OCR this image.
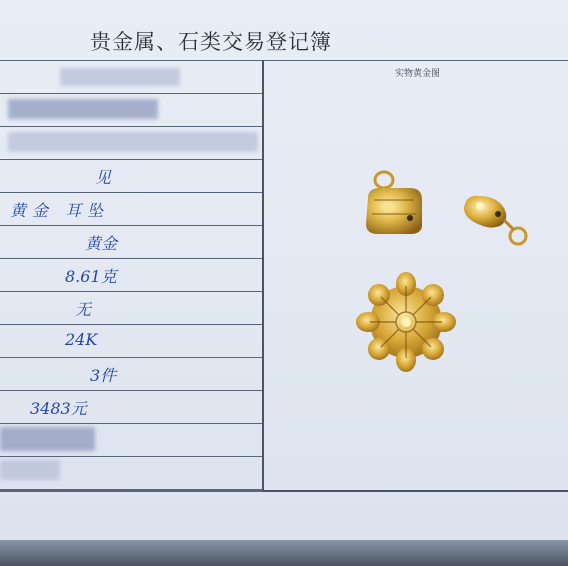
贵金属、石类交易登记簿
见
黄金 耳坠
黄金
8.61克
无
24K
3件
3483元
实物黄金图
